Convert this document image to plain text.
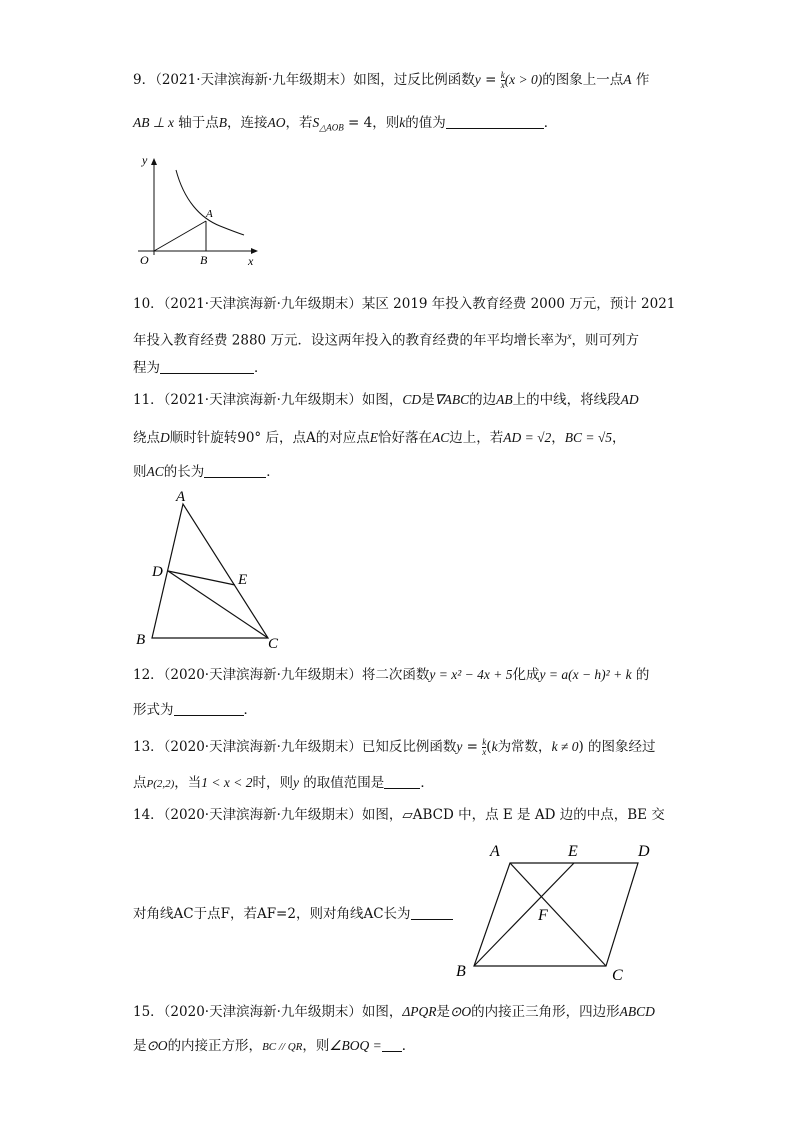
9．（2021·天津滨海新·九年级期末）如图，过反比例函数$y = \frac{k}{x} (x > 0)$的图象上一点A 作
AB ⊥ x 轴于点B，连接AO，若$S_{\triangle AOB} = 4$，则k的值为	．
y
x
O
A
B
10．（2021·天津滨海新·九年级期末）某区 2019 年投入教育经费 2000 万元，预计 2021
年投入教育经费 2880 万元．设这两年投入的教育经费的年平均增长率为$^x$，则可列方
程为	．
11．（2021·天津滨海新·九年级期末）如图，CD是∇ABC的边AB上的中线，将线段AD
绕点D顺时针旋转90° 后，点A的对应点E恰好落在AC边上，若AD = √2，BC = √5，
则AC的长为	．
A
D	E
B	C
12．（2020·天津滨海新·九年级期末）将二次函数y = x² − 4x + 5化成y = a(x − h)² + k 的
形式为	．
13．（2020·天津滨海新·九年级期末）已知反比例函数$y = \frac{k}{x} (k$为常数，k ≠ 0) 的图象经过
点P(2,2)，当1 < x < 2时，则y 的取值范围是	．
14．（2020·天津滨海新·九年级期末）如图，▱ABCD 中，点 E 是 AD 边的中点，BE 交
对角线AC于点F，若AF=2，则对角线AC长为
A	E	D
F
B	C
15．（2020·天津滨海新·九年级期末）如图，ΔPQR是⊙O的内接正三角形，四边形ABCD
是⊙O的内接正方形，BC // QR，则∠BOQ = ．
